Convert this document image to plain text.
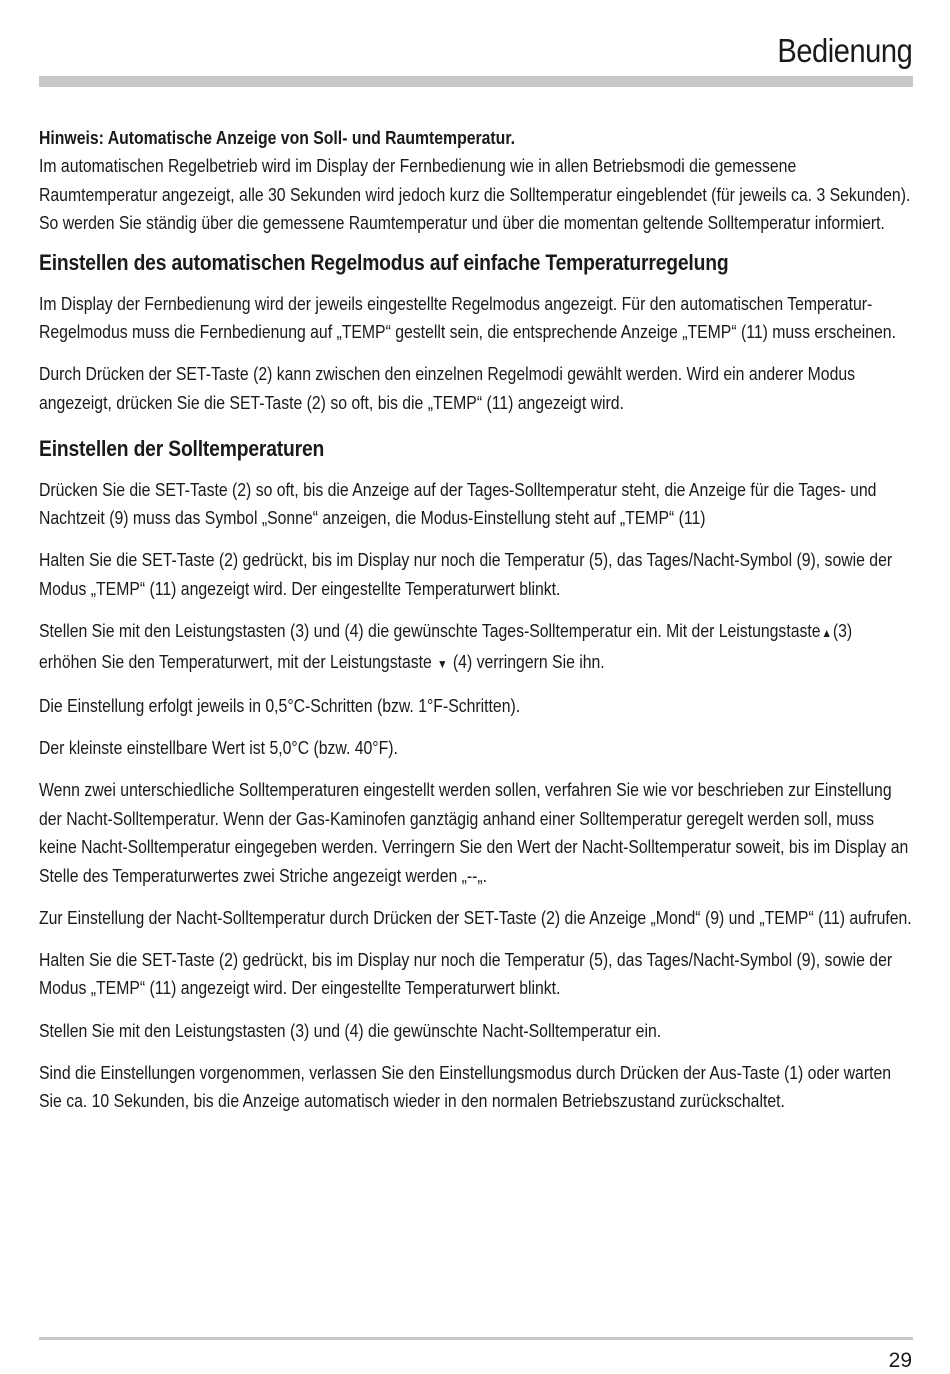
Bedienung
Hinweis: Automatische Anzeige von Soll- und Raumtemperatur.

Im automatischen Regelbetrieb wird im Display der Fernbedienung wie in allen Betriebsmodi die gemessene Raumtemperatur angezeigt, alle 30 Sekunden wird jedoch kurz die Solltemperatur eingeblendet (für jeweils ca. 3 Sekunden). So werden Sie ständig über die gemessene Raumtemperatur und über die momentan geltende Solltemperatur informiert.

Einstellen des automatischen Regelmodus auf einfache Temperaturregelung

Im Display der Fernbedienung wird der jeweils eingestellte Regelmodus angezeigt. Für den automatischen Temperatur-Regelmodus muss die Fernbedienung auf „TEMP“ gestellt sein, die entsprechende Anzeige „TEMP“ (11) muss erscheinen.

Durch Drücken der SET-Taste (2) kann zwischen den einzelnen Regelmodi gewählt werden. Wird ein anderer Modus angezeigt, drücken Sie die SET-Taste (2) so oft, bis die „TEMP“ (11) angezeigt wird.

Einstellen der Solltemperaturen

Drücken Sie die SET-Taste (2) so oft, bis die Anzeige auf der Tages-Solltemperatur steht, die Anzeige für die Tages- und Nachtzeit (9) muss das Symbol „Sonne“ anzeigen, die Modus-Einstellung steht auf „TEMP“ (11)

Halten Sie die SET-Taste (2) gedrückt, bis im Display nur noch die Temperatur (5), das Tages/Nacht-Symbol (9), sowie der Modus „TEMP“ (11) angezeigt wird. Der eingestellte Temperaturwert blinkt.

Stellen Sie mit den Leistungstasten (3) und (4) die gewünschte Tages-Solltemperatur ein. Mit der Leistungstaste▲(3) erhöhen Sie den Temperaturwert, mit der Leistungstaste ▼ (4) verringern Sie ihn.

Die Einstellung erfolgt jeweils in 0,5°C-Schritten (bzw. 1°F-Schritten).

Der kleinste einstellbare Wert ist 5,0°C (bzw. 40°F).

Wenn zwei unterschiedliche Solltemperaturen eingestellt werden sollen, verfahren Sie wie vor beschrieben zur Einstellung der Nacht-Solltemperatur. Wenn der Gas-Kaminofen ganztägig anhand einer Solltemperatur geregelt werden soll, muss keine Nacht-Solltemperatur eingegeben werden. Verringern Sie den Wert der Nacht-Solltemperatur soweit, bis im Display an Stelle des Temperaturwertes zwei Striche angezeigt werden „--„.

Zur Einstellung der Nacht-Solltemperatur durch Drücken der SET-Taste (2) die Anzeige „Mond“ (9) und „TEMP“ (11) aufrufen.

Halten Sie die SET-Taste (2) gedrückt, bis im Display nur noch die Temperatur (5), das Tages/Nacht-Symbol (9), sowie der Modus „TEMP“ (11) angezeigt wird. Der eingestellte Temperaturwert blinkt.

Stellen Sie mit den Leistungstasten (3) und (4) die gewünschte Nacht-Solltemperatur ein.

Sind die Einstellungen vorgenommen, verlassen Sie den Einstellungsmodus durch Drücken der Aus-Taste (1) oder warten Sie ca. 10 Sekunden, bis die Anzeige automatisch wieder in den normalen Betriebszustand zurückschaltet.

29
